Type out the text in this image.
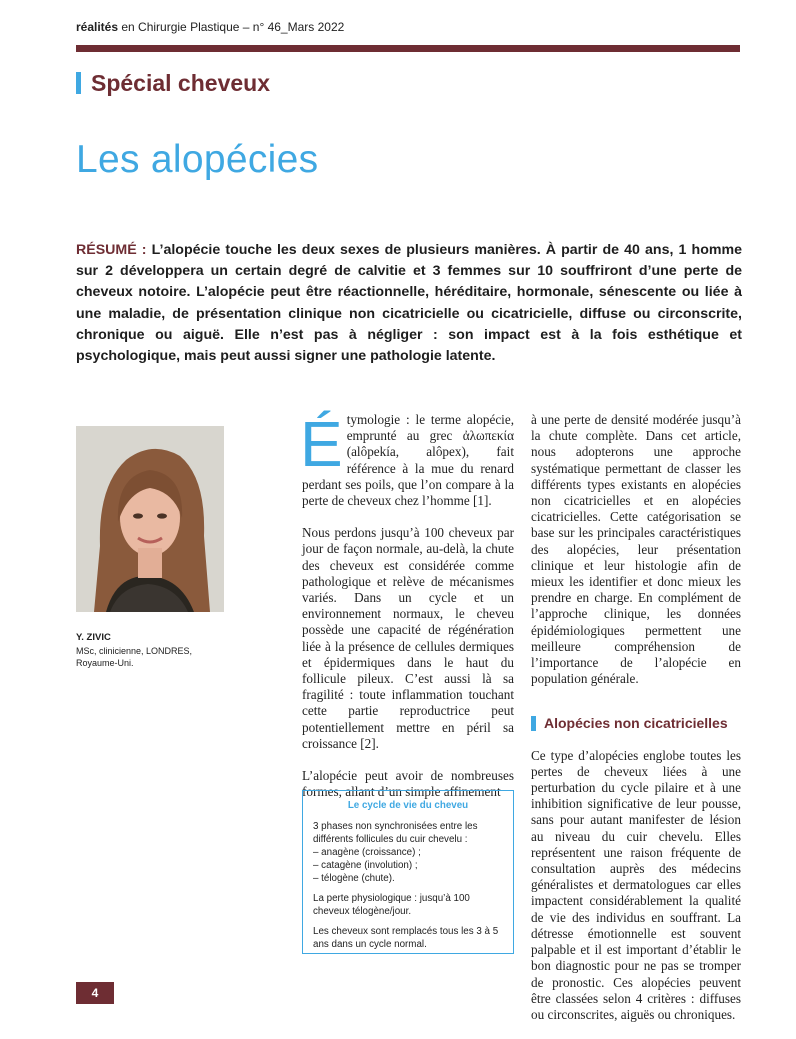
réalités en Chirurgie Plastique – n° 46_Mars 2022
Spécial cheveux
Les alopécies
RÉSUMÉ : L’alopécie touche les deux sexes de plusieurs manières. À partir de 40 ans, 1 homme sur 2 développera un certain degré de calvitie et 3 femmes sur 10 souffriront d’une perte de cheveux notoire. L’alopécie peut être réactionnelle, héréditaire, hormonale, sénescente ou liée à une maladie, de présentation clinique non cicatricielle ou cicatricielle, diffuse ou circonscrite, chronique ou aiguë. Elle n’est pas à négliger : son impact est à la fois esthétique et psychologique, mais peut aussi signer une pathologie latente.
Y. ZIVIC
MSc, clinicienne, LONDRES, Royaume-Uni.

Étymologie : le terme alopécie, emprunté au grec ἀλωπεκία (alôpekía, alôpex), fait référence à la mue du renard perdant ses poils, que l’on compare à la perte de cheveux chez l’homme [1].

Nous perdons jusqu’à 100 cheveux par jour de façon normale, au-delà, la chute des cheveux est considérée comme pathologique et relève de mécanismes variés. Dans un cycle et un environnement normaux, le cheveu possède une capacité de régénération liée à la présence de cellules dermiques et épidermiques dans le haut du follicule pileux. C’est aussi là sa fragilité : toute inflammation touchant cette partie reproductrice peut potentiellement mettre en péril sa croissance [2].

L’alopécie peut avoir de nombreuses formes, allant d’un simple affinement

Le cycle de vie du cheveu

3 phases non synchronisées entre les différents follicules du cuir chevelu :
– anagène (croissance) ;
– catagène (involution) ;
– télogène (chute).

La perte physiologique : jusqu’à 100 cheveux télogène/jour.

Les cheveux sont remplacés tous les 3 à 5 ans dans un cycle normal.

à une perte de densité modérée jusqu’à la chute complète. Dans cet article, nous adopterons une approche systématique permettant de classer les différents types existants en alopécies non cicatricielles et en alopécies cicatricielles. Cette catégorisation se base sur les principales caractéristiques des alopécies, leur présentation clinique et leur histologie afin de mieux les identifier et donc mieux les prendre en charge. En complément de l’approche clinique, les données épidémiologiques permettent une meilleure compréhension de l’importance de l’alopécie en population générale.

Alopécies non cicatricielles

Ce type d’alopécies englobe toutes les pertes de cheveux liées à une perturbation du cycle pilaire et à une inhibition significative de leur pousse, sans pour autant manifester de lésion au niveau du cuir chevelu. Elles représentent une raison fréquente de consultation auprès des médecins généralistes et dermatologues car elles impactent considérablement la qualité de vie des individus en souffrant. La détresse émotionnelle est souvent palpable et il est important d’établir le bon diagnostic pour ne pas se tromper de pronostic. Ces alopécies peuvent être classées selon 4 critères : diffuses ou circonscrites, aiguës ou chroniques.

4
